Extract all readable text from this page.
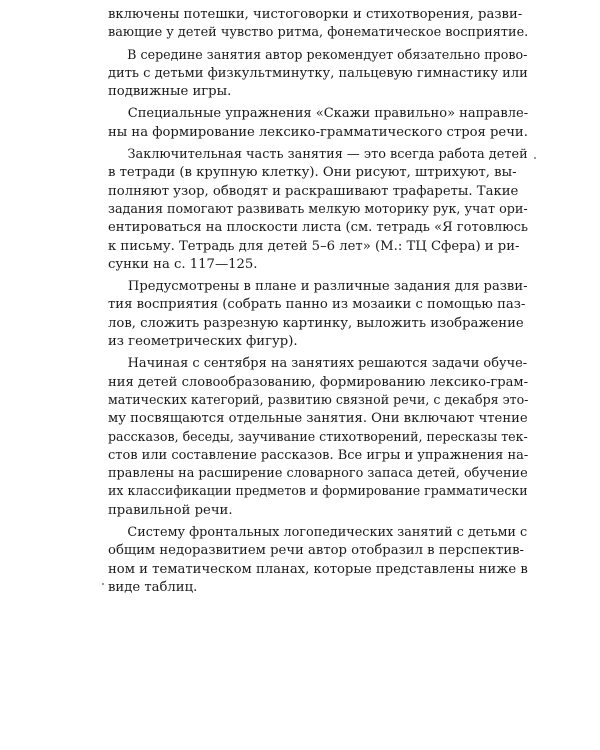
включены потешки, чистоговорки и стихотворения, разви-
вающие у детей чувство ритма, фонематическое восприятие.
В середине занятия автор рекомендует обязательно прово-
дить с детьми физкультминутку, пальцевую гимнастику или
подвижные игры.
Специальные упражнения «Скажи правильно» направле-
ны на формирование лексико-грамматического строя речи.
Заключительная часть занятия — это всегда работа детей
в тетради (в крупную клетку). Они рисуют, штрихуют, вы-
полняют узор, обводят и раскрашивают трафареты. Такие
задания помогают развивать мелкую моторику рук, учат ори-
ентироваться на плоскости листа (см. тетрадь «Я готовлюсь
к письму. Тетрадь для детей 5–6 лет» (М.: ТЦ Сфера) и ри-
сунки на с. 117—125.
Предусмотрены в плане и различные задания для разви-
тия восприятия (собрать панно из мозаики с помощью паз-
лов, сложить разрезную картинку, выложить изображение
из геометрических фигур).
Начиная с сентября на занятиях решаются задачи обуче-
ния детей словообразованию, формированию лексико-грам-
матических категорий, развитию связной речи, с декабря это-
му посвящаются отдельные занятия. Они включают чтение
рассказов, беседы, заучивание стихотворений, пересказы тек-
стов или составление рассказов. Все игры и упражнения на-
правлены на расширение словарного запаса детей, обучение
их классификации предметов и формирование грамматически
правильной речи.
Систему фронтальных логопедических занятий с детьми с
общим недоразвитием речи автор отобразил в перспектив-
ном и тематическом планах, которые представлены ниже в
виде таблиц.
